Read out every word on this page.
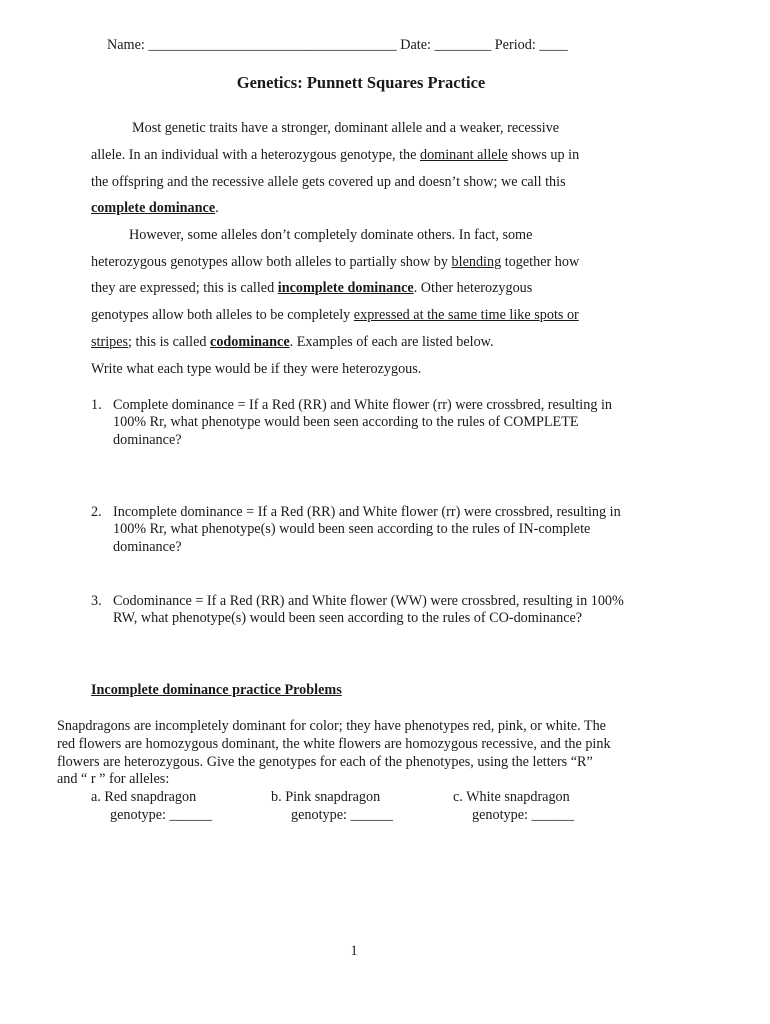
Name: ___________________________________ Date: ________ Period: ____
Genetics: Punnett Squares Practice
Most genetic traits have a stronger, dominant allele and a weaker, recessive
allele. In an individual with a heterozygous genotype, the dominant allele shows up in
the offspring and the recessive allele gets covered up and doesn’t show; we call this
complete dominance.
However, some alleles don’t completely dominate others. In fact, some
heterozygous genotypes allow both alleles to partially show by blending together how
they are expressed; this is called incomplete dominance. Other heterozygous
genotypes allow both alleles to be completely expressed at the same time like spots or
stripes; this is called codominance. Examples of each are listed below.
Write what each type would be if they were heterozygous.
1. Complete dominance = If a Red (RR) and White flower (rr) were crossbred, resulting in
100% Rr, what phenotype would been seen according to the rules of COMPLETE
dominance?
2. Incomplete dominance = If a Red (RR) and White flower (rr) were crossbred, resulting in
100% Rr, what phenotype(s) would been seen according to the rules of IN-complete
dominance?
3. Codominance = If a Red (RR) and White flower (WW) were crossbred, resulting in 100%
RW, what phenotype(s) would been seen according to the rules of CO-dominance?
Incomplete dominance practice Problems
Snapdragons are incompletely dominant for color; they have phenotypes red, pink, or white. The
red flowers are homozygous dominant, the white flowers are homozygous recessive, and the pink
flowers are heterozygous. Give the genotypes for each of the phenotypes, using the letters “R”
and “ r ” for alleles:
a. Red snapdragon
genotype: ______
b. Pink snapdragon
genotype: ______
c. White snapdragon
genotype: ______
1
